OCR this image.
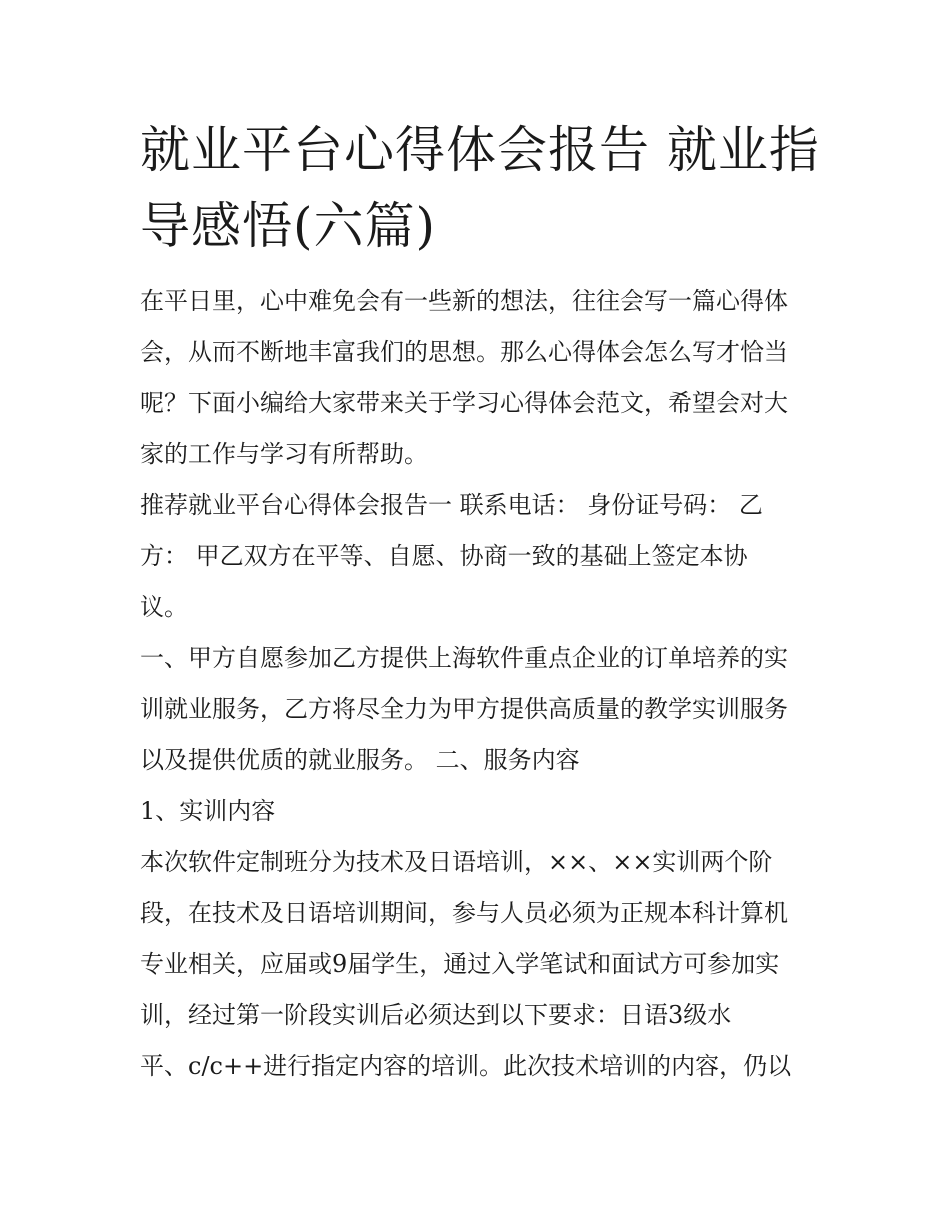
就业平台心得体会报告 就业指
导感悟(六篇)

在平日里，心中难免会有一些新的想法，往往会写一篇心得体

会，从而不断地丰富我们的思想。那么心得体会怎么写才恰当

呢？下面小编给大家带来关于学习心得体会范文，希望会对大

家的工作与学习有所帮助。

推荐就业平台心得体会报告一 联系电话： 身份证号码： 乙

方： 甲乙双方在平等、自愿、协商一致的基础上签定本协

议。

一、甲方自愿参加乙方提供上海软件重点企业的订单培养的实

训就业服务，乙方将尽全力为甲方提供高质量的教学实训服务

以及提供优质的就业服务。 二、服务内容

1、实训内容

本次软件定制班分为技术及日语培训，××、××实训两个阶

段，在技术及日语培训期间，参与人员必须为正规本科计算机

专业相关，应届或9届学生，通过入学笔试和面试方可参加实

训，经过第一阶段实训后必须达到以下要求：日语3级水

平、c/c++进行指定内容的培训。此次技术培训的内容，仍以
